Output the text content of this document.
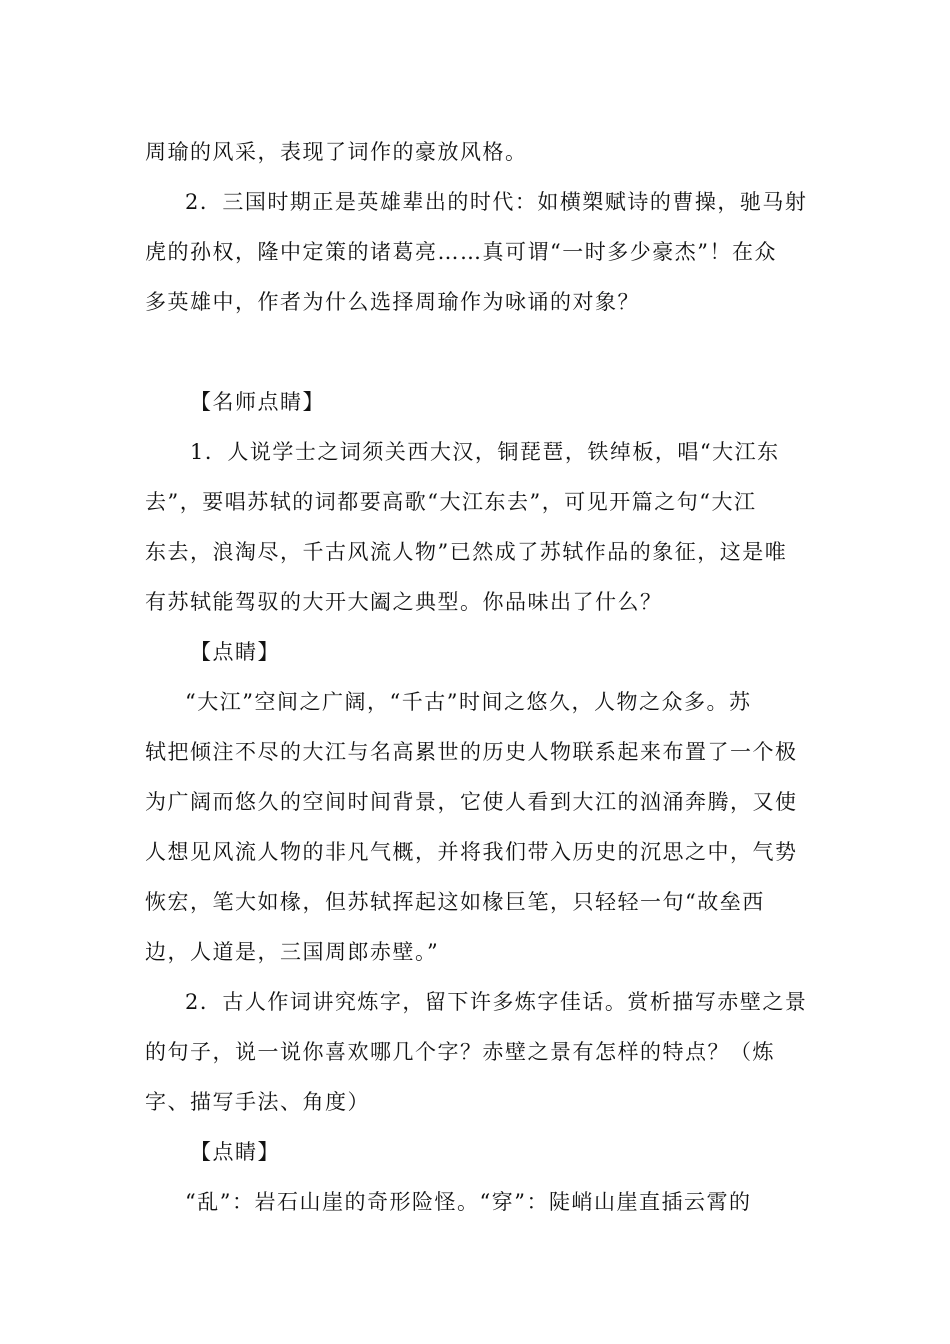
周瑜的风采，表现了词作的豪放风格。
2．三国时期正是英雄辈出的时代：如横槊赋诗的曹操，驰马射
虎的孙权，隆中定策的诸葛亮……真可谓“一时多少豪杰”！在众
多英雄中，作者为什么选择周瑜作为咏诵的对象？
【名师点睛】
1．人说学士之词须关西大汉，铜琵琶，铁绰板，唱“大江东
去”，要唱苏轼的词都要高歌“大江东去”，可见开篇之句“大江
东去，浪淘尽，千古风流人物”已然成了苏轼作品的象征，这是唯
有苏轼能驾驭的大开大阖之典型。你品味出了什么？
【点睛】
“大江”空间之广阔，“千古”时间之悠久，人物之众多。苏
轼把倾注不尽的大江与名高累世的历史人物联系起来布置了一个极
为广阔而悠久的空间时间背景，它使人看到大江的汹涌奔腾，又使
人想见风流人物的非凡气概，并将我们带入历史的沉思之中，气势
恢宏，笔大如椽，但苏轼挥起这如椽巨笔，只轻轻一句“故垒西
边，人道是，三国周郎赤壁。”
2．古人作词讲究炼字，留下许多炼字佳话。赏析描写赤壁之景
的句子，说一说你喜欢哪几个字？赤壁之景有怎样的特点？（炼
字、描写手法、角度）
【点睛】
“乱”：岩石山崖的奇形险怪。“穿”：陡峭山崖直插云霄的
